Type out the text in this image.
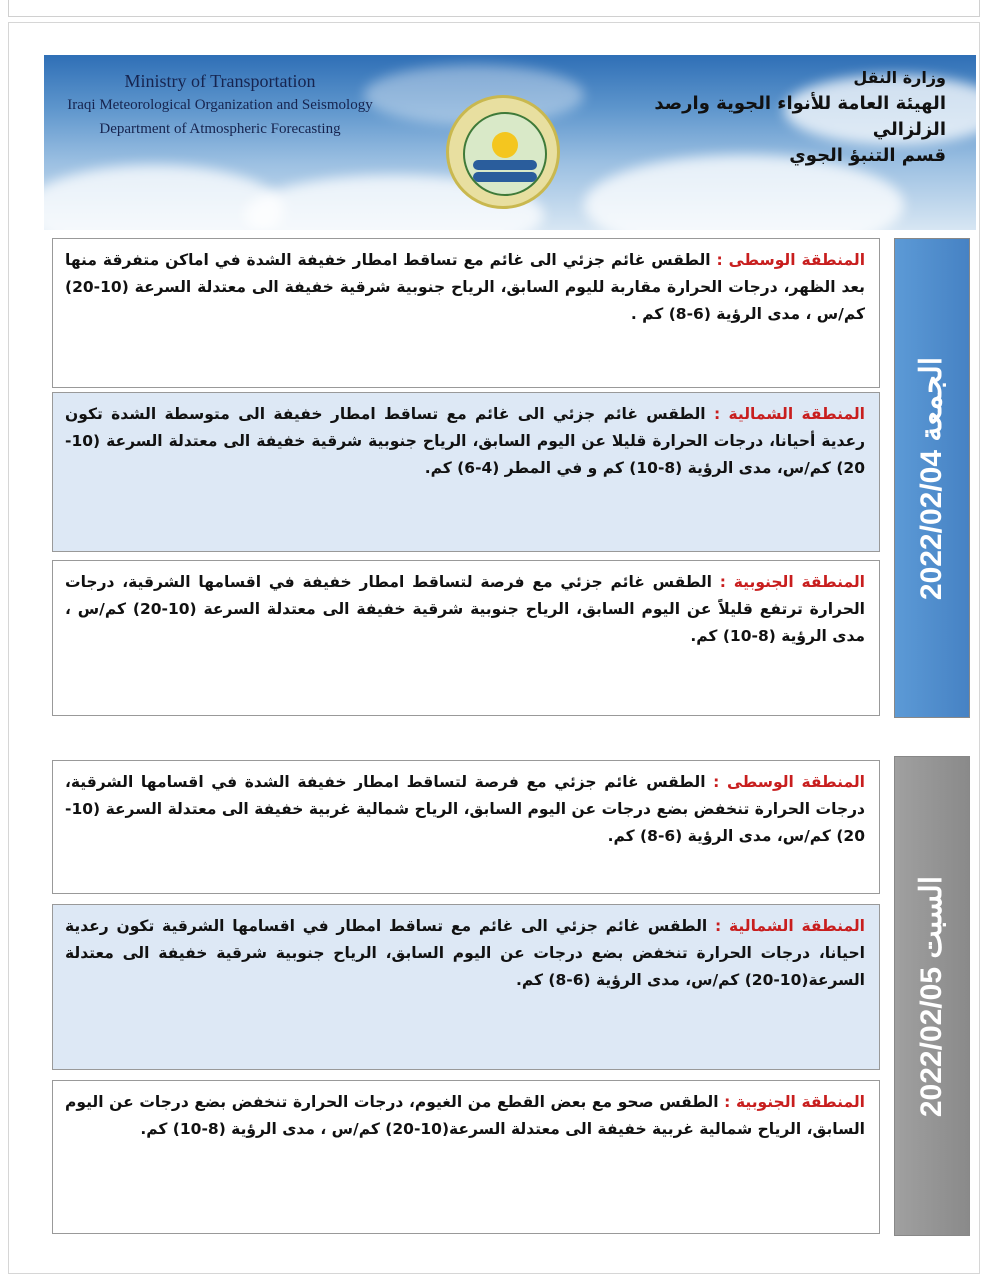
Ministry of Transportation
Iraqi Meteorological Organization and Seismology
Department of Atmospheric Forecasting
وزارة النقل
الهيئة العامة للأنواء الجوية وارصد الزلزالي
قسم التنبؤ الجوي
الجمعة 2022/02/04
المنطقة الوسطى : الطقس غائم جزئي الى غائم مع تساقط امطار خفيفة الشدة في اماكن متفرقة منها بعد الظهر، درجات الحرارة مقاربة لليوم السابق، الرياح جنوبية شرقية خفيفة الى معتدلة السرعة (10-20) كم/س ، مدى الرؤية (6-8) كم .
المنطقة الشمالية : الطقس غائم جزئي الى غائم مع تساقط امطار خفيفة الى متوسطة الشدة تكون رعدية أحيانا، درجات الحرارة قليلا عن اليوم السابق، الرياح جنوبية شرقية خفيفة الى معتدلة السرعة (10-20) كم/س، مدى الرؤية (8-10) كم و في المطر (4-6) كم.
المنطقة الجنوبية : الطقس غائم جزئي مع فرصة لتساقط امطار خفيفة في اقسامها الشرقية، درجات الحرارة ترتفع قليلاً عن اليوم السابق، الرياح جنوبية شرقية خفيفة الى معتدلة السرعة (10-20) كم/س ، مدى الرؤية (8-10) كم.
السبت 2022/02/05
المنطقة الوسطى : الطقس غائم جزئي مع فرصة لتساقط امطار خفيفة الشدة في اقسامها الشرقية، درجات الحرارة تنخفض بضع درجات عن اليوم السابق، الرياح شمالية غربية خفيفة الى معتدلة السرعة (10-20) كم/س، مدى الرؤية (6-8) كم.
المنطقة الشمالية : الطقس غائم جزئي الى غائم مع تساقط امطار في اقسامها الشرقية تكون رعدية احيانا، درجات الحرارة تنخفض بضع درجات عن اليوم السابق، الرياح جنوبية شرقية خفيفة الى معتدلة السرعة(10-20) كم/س، مدى الرؤية (6-8) كم.
المنطقة الجنوبية : الطقس صحو مع بعض القطع من الغيوم، درجات الحرارة تنخفض بضع درجات عن اليوم السابق، الرياح شمالية غربية خفيفة الى معتدلة السرعة(10-20) كم/س ، مدى الرؤية (8-10) كم.
